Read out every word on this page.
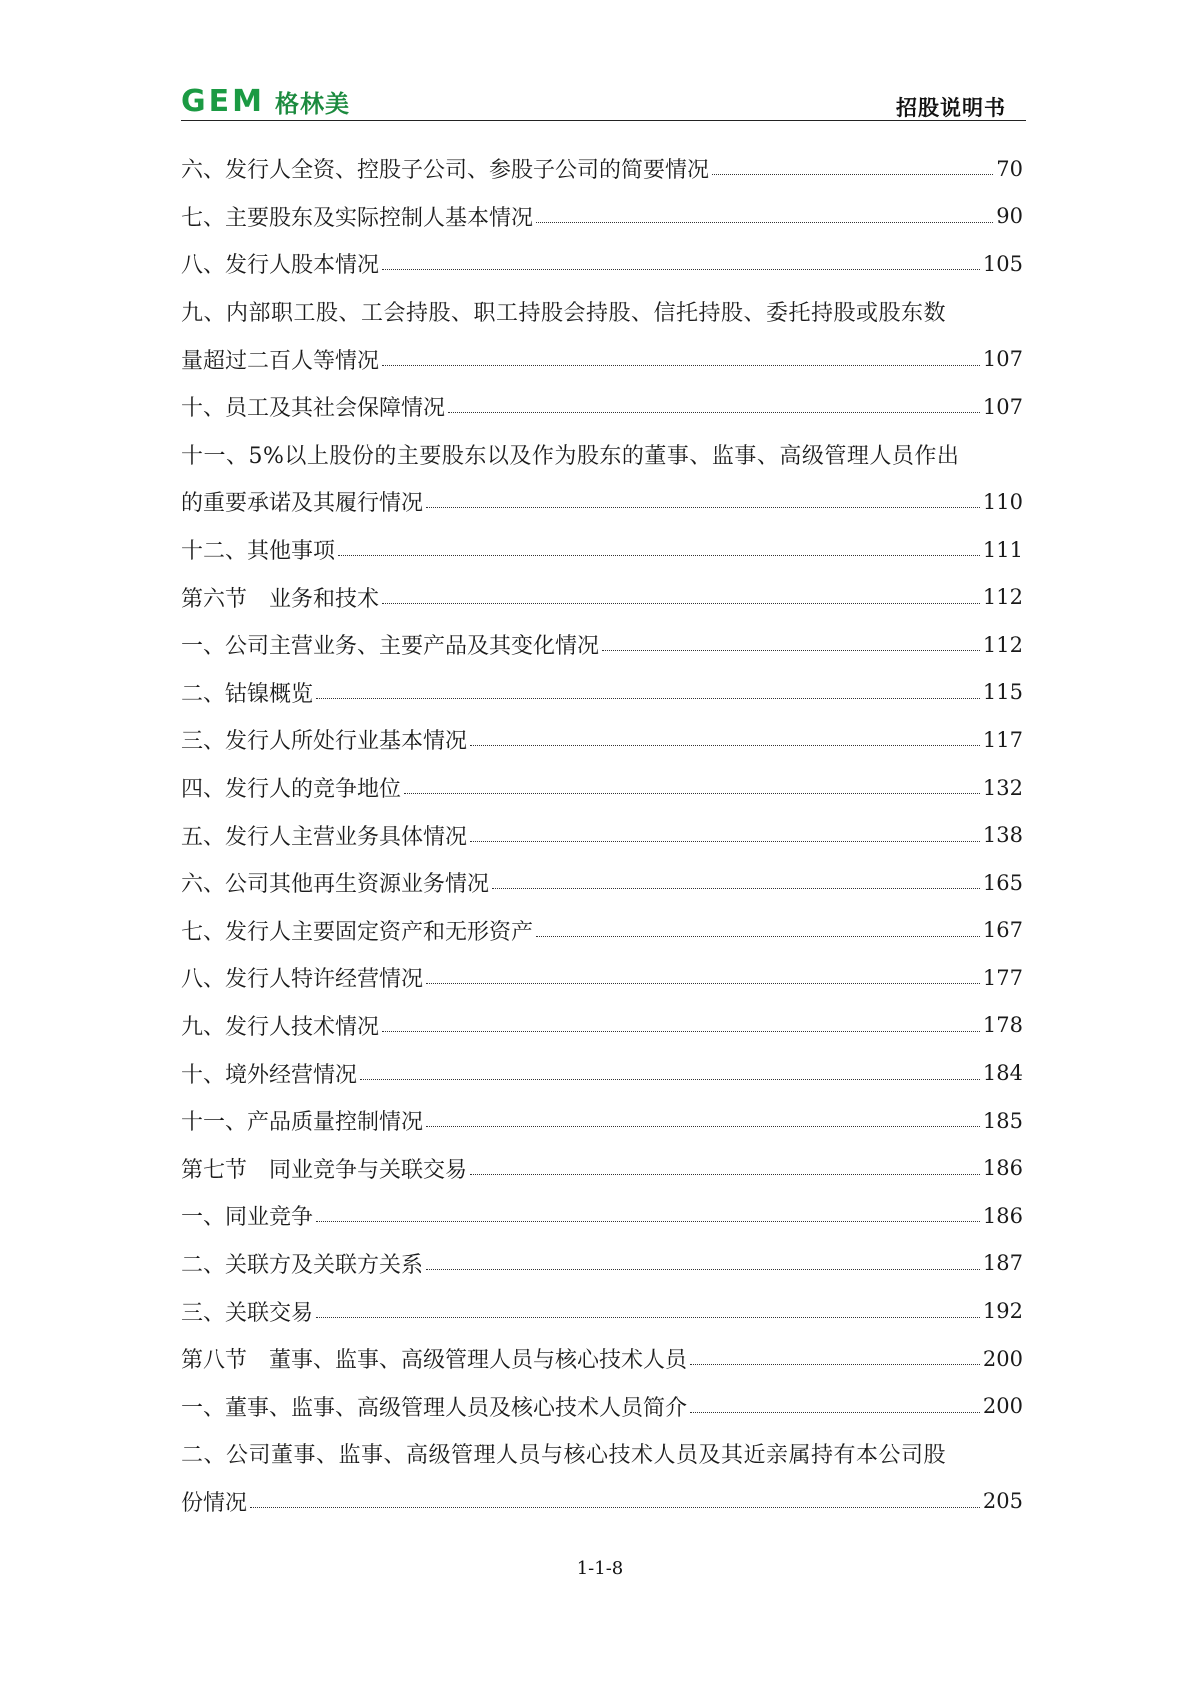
GEM 格林美	招股说明书
六、发行人全资、控股子公司、参股子公司的简要情况	70
七、主要股东及实际控制人基本情况	90
八、发行人股本情况	105
九、内部职工股、工会持股、职工持股会持股、信托持股、委托持股或股东数
量超过二百人等情况	107
十、员工及其社会保障情况	107
十一、5%以上股份的主要股东以及作为股东的董事、监事、高级管理人员作出
的重要承诺及其履行情况	110
十二、其他事项	111
第六节　业务和技术	112
一、公司主营业务、主要产品及其变化情况	112
二、钴镍概览	115
三、发行人所处行业基本情况	117
四、发行人的竞争地位	132
五、发行人主营业务具体情况	138
六、公司其他再生资源业务情况	165
七、发行人主要固定资产和无形资产	167
八、发行人特许经营情况	177
九、发行人技术情况	178
十、境外经营情况	184
十一、产品质量控制情况	185
第七节　同业竞争与关联交易	186
一、同业竞争	186
二、关联方及关联方关系	187
三、关联交易	192
第八节　董事、监事、高级管理人员与核心技术人员	200
一、董事、监事、高级管理人员及核心技术人员简介	200
二、公司董事、监事、高级管理人员与核心技术人员及其近亲属持有本公司股
份情况	205
1-1-8
